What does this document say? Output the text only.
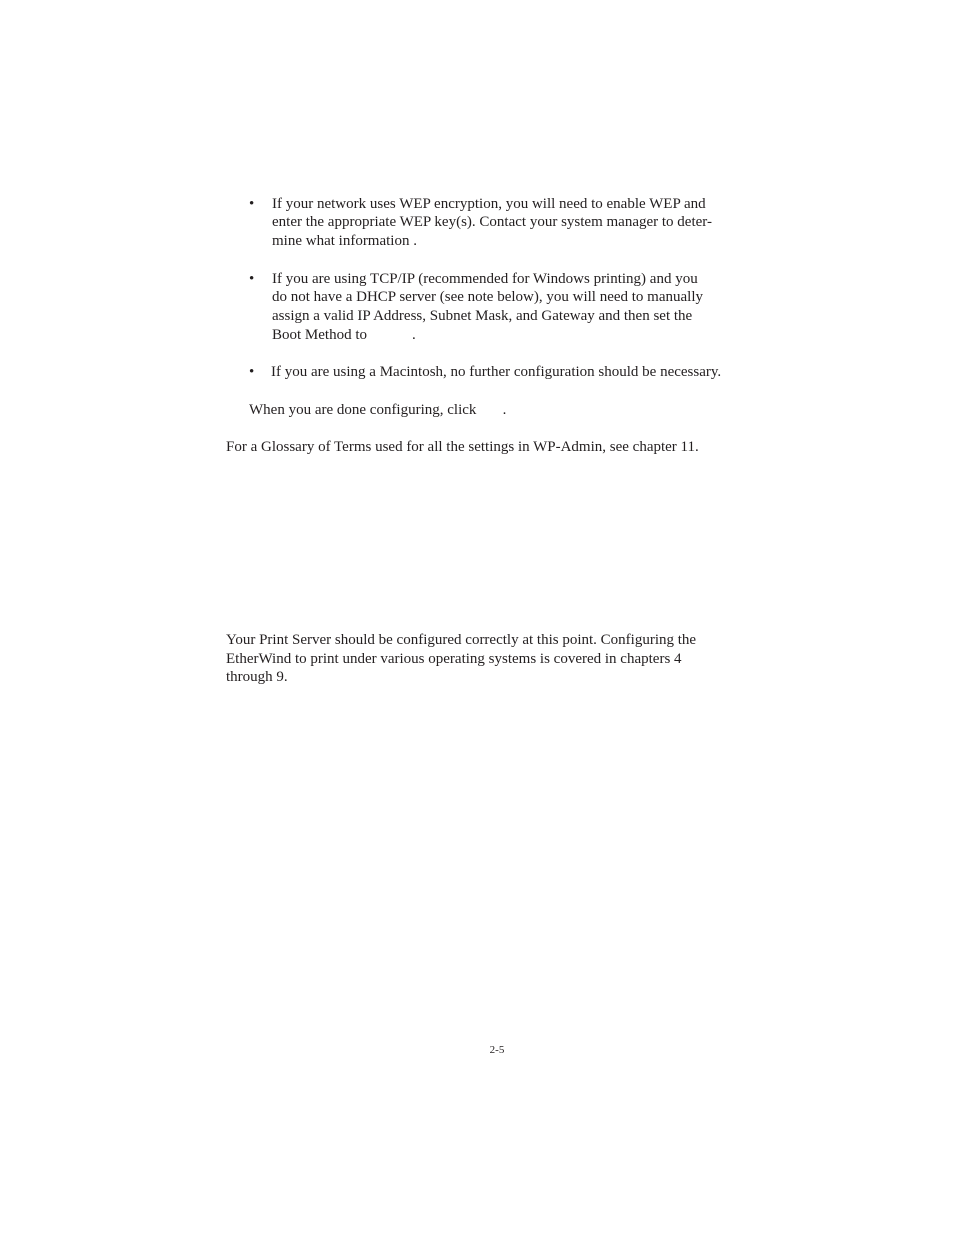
• If your network uses WEP encryption, you will need to enable WEP and
enter the appropriate WEP key(s). Contact your system manager to deter-
mine what information .
• If you are using TCP/IP (recommended for Windows printing) and you
do not have a DHCP server (see note below), you will need to manually
assign a valid IP Address, Subnet Mask, and Gateway and then set the
Boot Method to            .
• If you are using a Macintosh, no further configuration should be necessary.
When you are done configuring, click       .
For a Glossary of Terms used for all the settings in WP-Admin, see chapter 11.
Your Print Server should be configured correctly at this point. Configuring the
EtherWind to print under various operating systems is covered in chapters 4
through 9.
2-5
